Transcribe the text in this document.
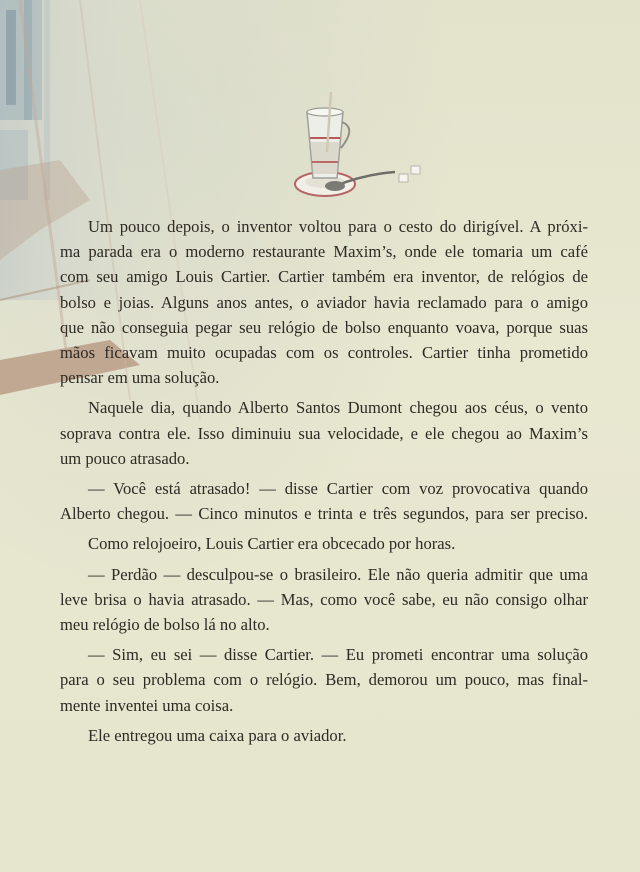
Um pouco depois, o inventor voltou para o cesto do dirigível. A próxi-
ma parada era o moderno restaurante Maxim’s, onde ele tomaria um café
com seu amigo Louis Cartier. Cartier também era inventor, de relógios de
bolso e joias. Alguns anos antes, o aviador havia reclamado para o amigo
que não conseguia pegar seu relógio de bolso enquanto voava, porque suas
mãos ficavam muito ocupadas com os controles. Cartier tinha prometido
pensar em uma solução.

Naquele dia, quando Alberto Santos Dumont chegou aos céus, o vento
soprava contra ele. Isso diminuiu sua velocidade, e ele chegou ao Maxim’s
um pouco atrasado.

— Você está atrasado! — disse Cartier com voz provocativa quando
Alberto chegou. — Cinco minutos e trinta e três segundos, para ser preciso.

Como relojoeiro, Louis Cartier era obcecado por horas.

— Perdão — desculpou-se o brasileiro. Ele não queria admitir que uma
leve brisa o havia atrasado. — Mas, como você sabe, eu não consigo olhar
meu relógio de bolso lá no alto.

— Sim, eu sei — disse Cartier. — Eu prometi encontrar uma solução
para o seu problema com o relógio. Bem, demorou um pouco, mas final-
mente inventei uma coisa.

Ele entregou uma caixa para o aviador.
